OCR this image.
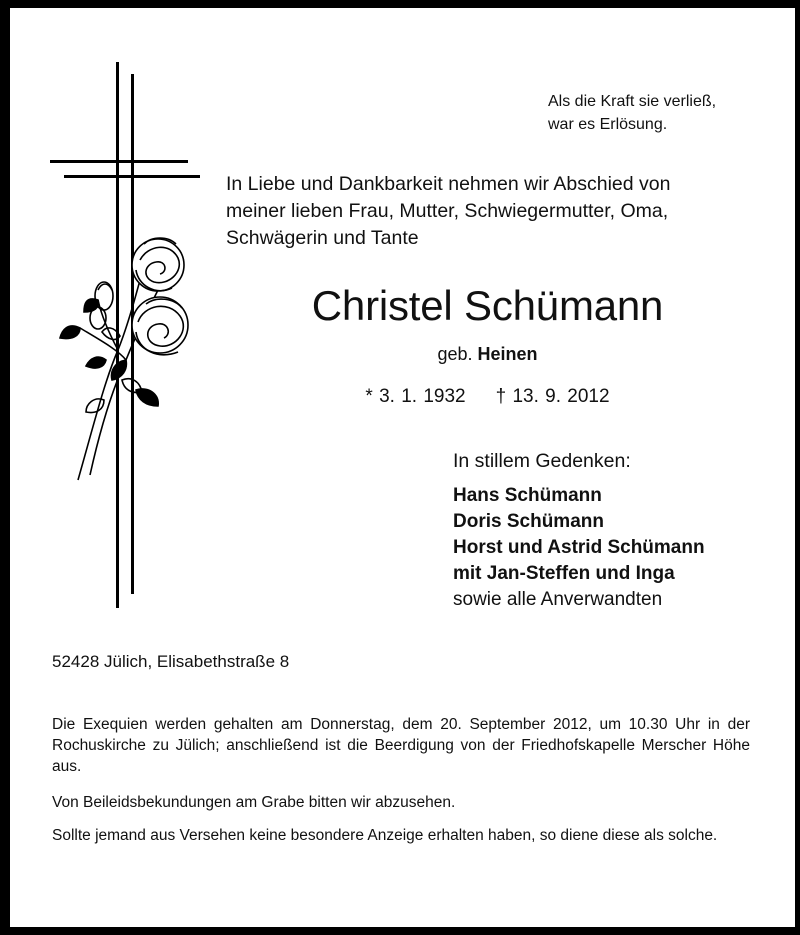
Als die Kraft sie verließ,
war es Erlösung.
In Liebe und Dankbarkeit nehmen wir Abschied von
meiner lieben Frau, Mutter, Schwiegermutter, Oma,
Schwägerin und Tante
Christel Schümann
geb. Heinen
* 3. 1. 1932 † 13. 9. 2012
In stillem Gedenken:
Hans Schümann
Doris Schümann
Horst und Astrid Schümann
mit Jan-Steffen und Inga
sowie alle Anverwandten
52428 Jülich, Elisabethstraße 8
Die Exequien werden gehalten am Donnerstag, dem 20. September 2012, um 10.30 Uhr in der Rochuskirche zu Jülich; anschließend ist die Beerdigung von der Friedhofskapelle Merscher Höhe aus.
Von Beileidsbekundungen am Grabe bitten wir abzusehen.
Sollte jemand aus Versehen keine besondere Anzeige erhalten haben, so diene diese als solche.
